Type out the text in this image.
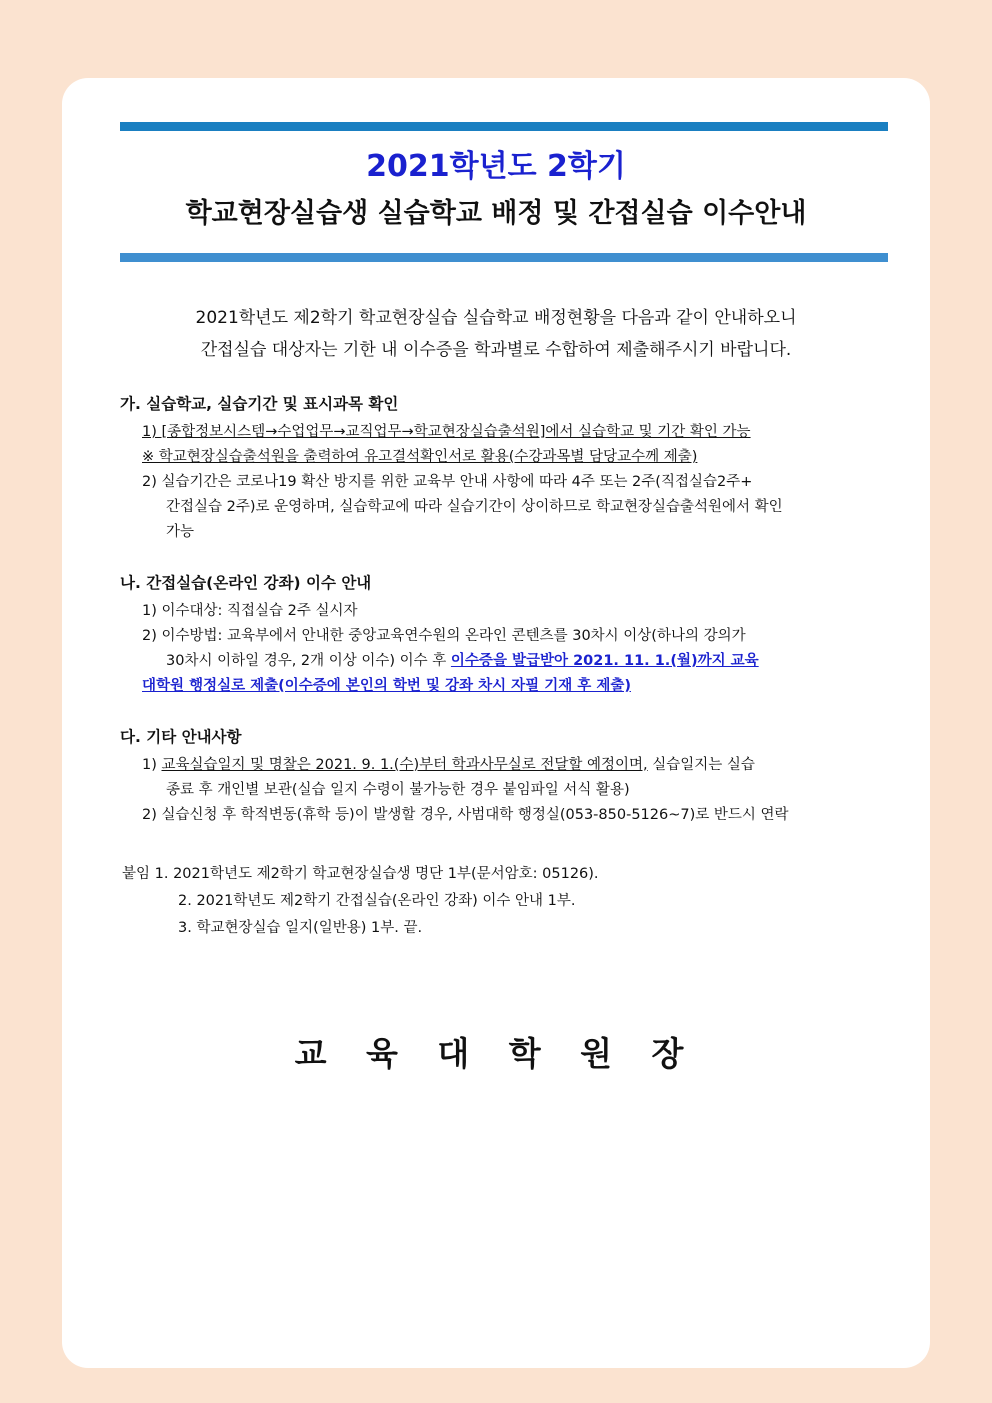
2021학년도 2학기
학교현장실습생 실습학교 배정 및 간접실습 이수안내
2021학년도 제2학기 학교현장실습 실습학교 배정현황을 다음과 같이 안내하오니
간접실습 대상자는 기한 내 이수증을 학과별로 수합하여 제출해주시기 바랍니다.
가. 실습학교, 실습기간 및 표시과목 확인
1) [종합정보시스템→수업업무→교직업무→학교현장실습출석원]에서 실습학교 및 기간 확인 가능
※ 학교현장실습출석원을 출력하여 유고결석확인서로 활용(수강과목별 담당교수께 제출)
2) 실습기간은 코로나19 확산 방지를 위한 교육부 안내 사항에 따라 4주 또는 2주(직접실습2주+
간접실습 2주)로 운영하며, 실습학교에 따라 실습기간이 상이하므로 학교현장실습출석원에서 확인
가능
나. 간접실습(온라인 강좌) 이수 안내
1) 이수대상: 직접실습 2주 실시자
2) 이수방법: 교육부에서 안내한 중앙교육연수원의 온라인 콘텐츠를 30차시 이상(하나의 강의가
30차시 이하일 경우, 2개 이상 이수) 이수 후 이수증을 발급받아 2021. 11. 1.(월)까지 교육
대학원 행정실로 제출(이수증에 본인의 학번 및 강좌 차시 자필 기재 후 제출)
다. 기타 안내사항
1) 교육실습일지 및 명찰은 2021. 9. 1.(수)부터 학과사무실로 전달할 예정이며, 실습일지는 실습
종료 후 개인별 보관(실습 일지 수령이 불가능한 경우 붙임파일 서식 활용)
2) 실습신청 후 학적변동(휴학 등)이 발생할 경우, 사범대학 행정실(053-850-5126~7)로 반드시 연락
붙임 1. 2021학년도 제2학기 학교현장실습생 명단 1부(문서암호: 05126).
2. 2021학년도 제2학기 간접실습(온라인 강좌) 이수 안내 1부.
3. 학교현장실습 일지(일반용) 1부. 끝.
교 육 대 학 원 장
